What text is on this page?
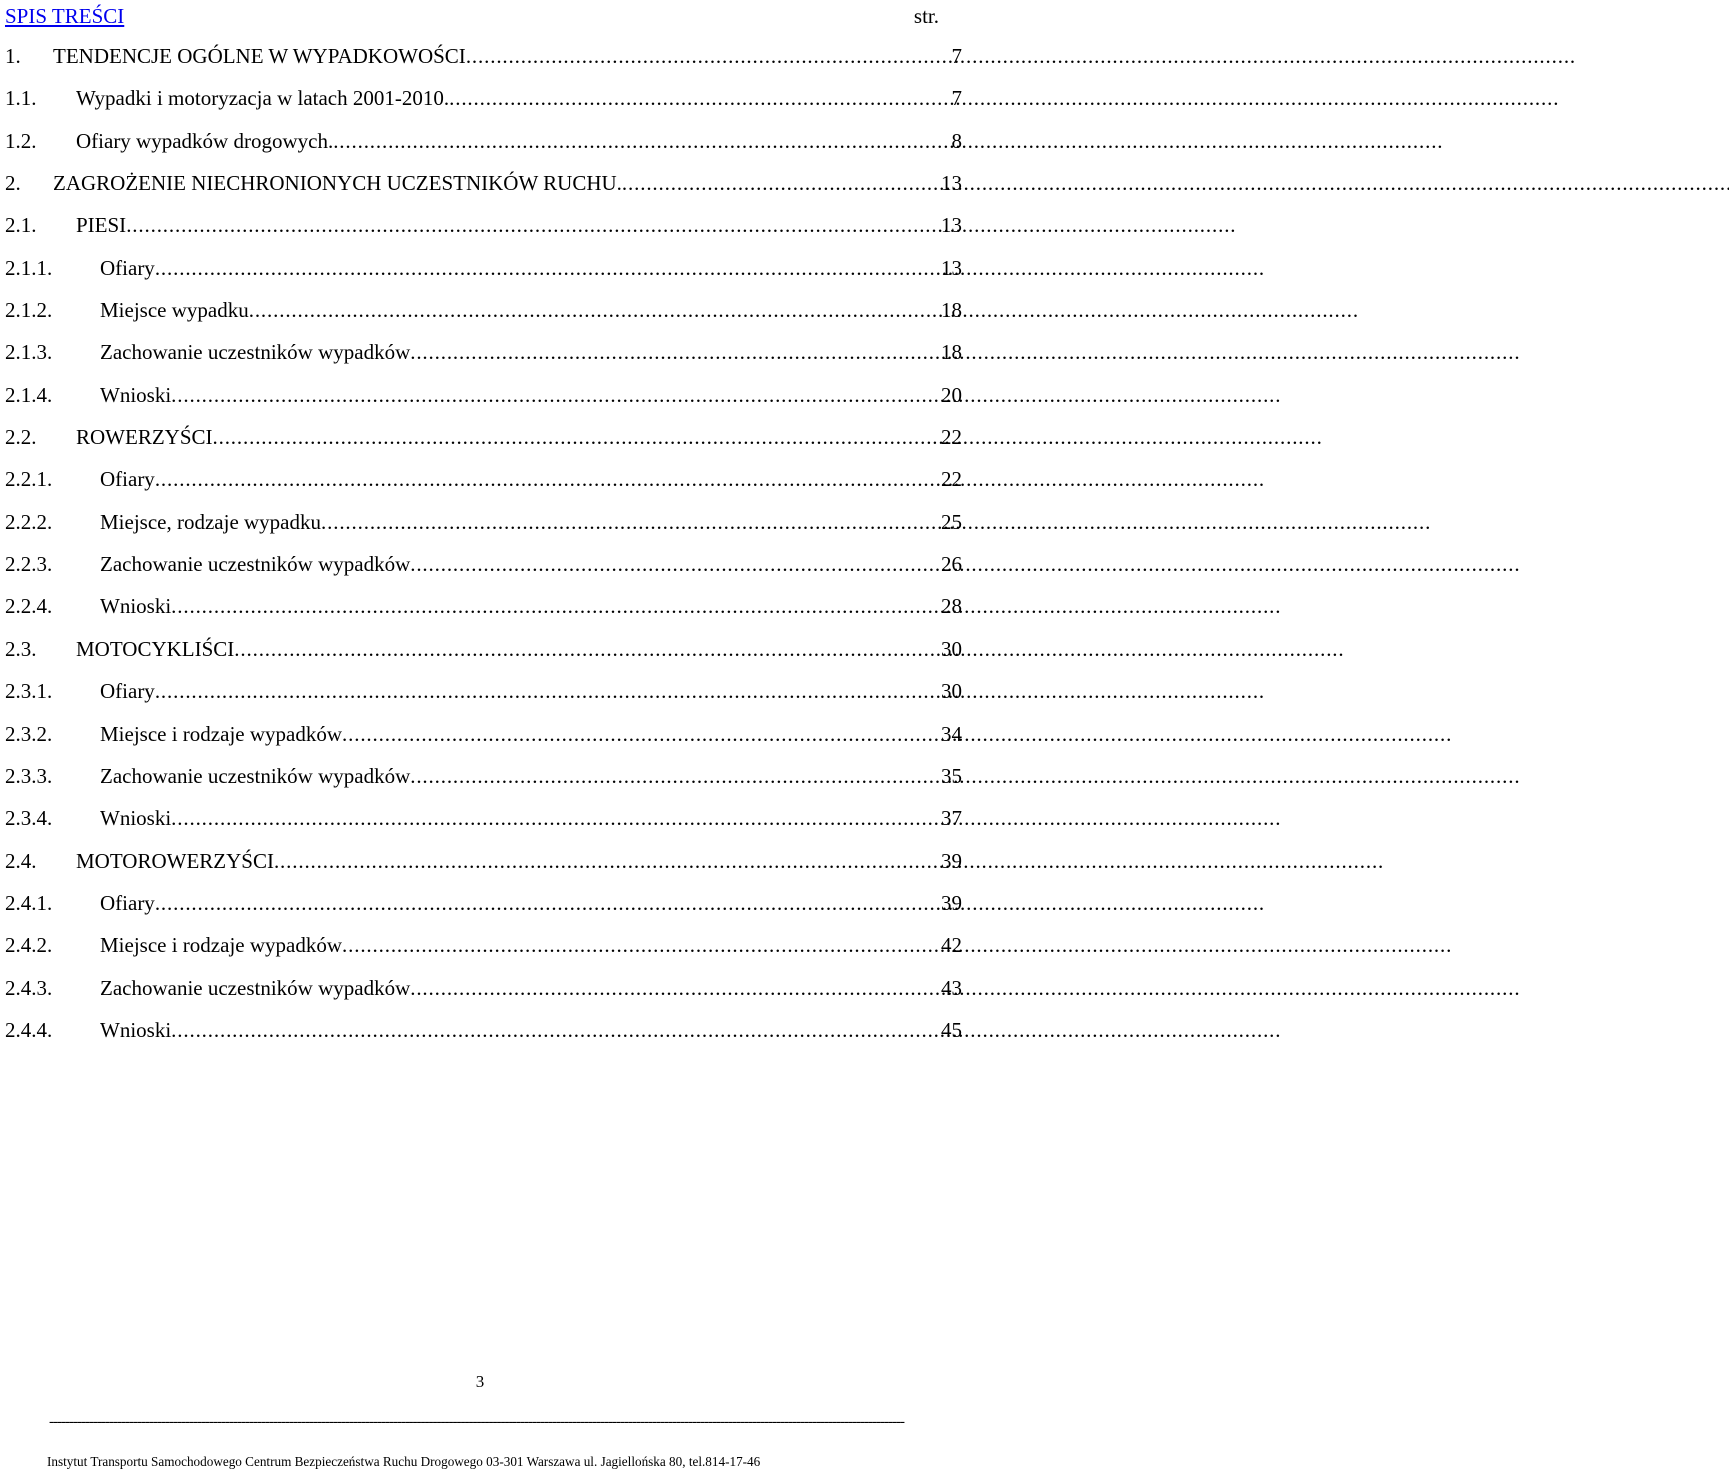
SPIS TREŚCI	str.
1.	TENDENCJE OGÓLNE W WYPADKOWOŚCI . . .	7
1.1.	Wypadki i motoryzacja w latach 2001-2010. . . .	7
1.2.	Ofiary wypadków drogowych. . . .	8
2.	ZAGROŻENIE NIECHRONIONYCH UCZESTNIKÓW RUCHU. . . .	13
2.1.	PIESI . . .	13
2.1.1.	Ofiary . . .	13
2.1.2.	Miejsce wypadku . . .	18
2.1.3.	Zachowanie uczestników wypadków . . .	18
2.1.4.	Wnioski . . .	20
2.2.	ROWERZYŚCI . . .	22
2.2.1.	Ofiary . . .	22
2.2.2.	Miejsce, rodzaje wypadku . . .	25
2.2.3.	Zachowanie uczestników wypadków . . .	26
2.2.4.	Wnioski . . .	28
2.3.	MOTOCYKLIŚCI . . .	30
2.3.1.	Ofiary . . .	30
2.3.2.	Miejsce i rodzaje wypadków . . .	34
2.3.3.	Zachowanie uczestników wypadków . . .	35
2.3.4.	Wnioski . . .	37
2.4.	MOTOROWERZYŚCI . . .	39
2.4.1.	Ofiary . . .	39
2.4.2.	Miejsce i rodzaje wypadków . . .	42
2.4.3.	Zachowanie uczestników wypadków . . .	43
2.4.4.	Wnioski . . .	45
3
----------------------------------------------------------------------------------------------------------------------------------------------------------------------------------------------------------------------
Instytut Transportu Samochodowego Centrum Bezpieczeństwa Ruchu Drogowego 03-301 Warszawa ul. Jagiellońska 80, tel.814-17-46
